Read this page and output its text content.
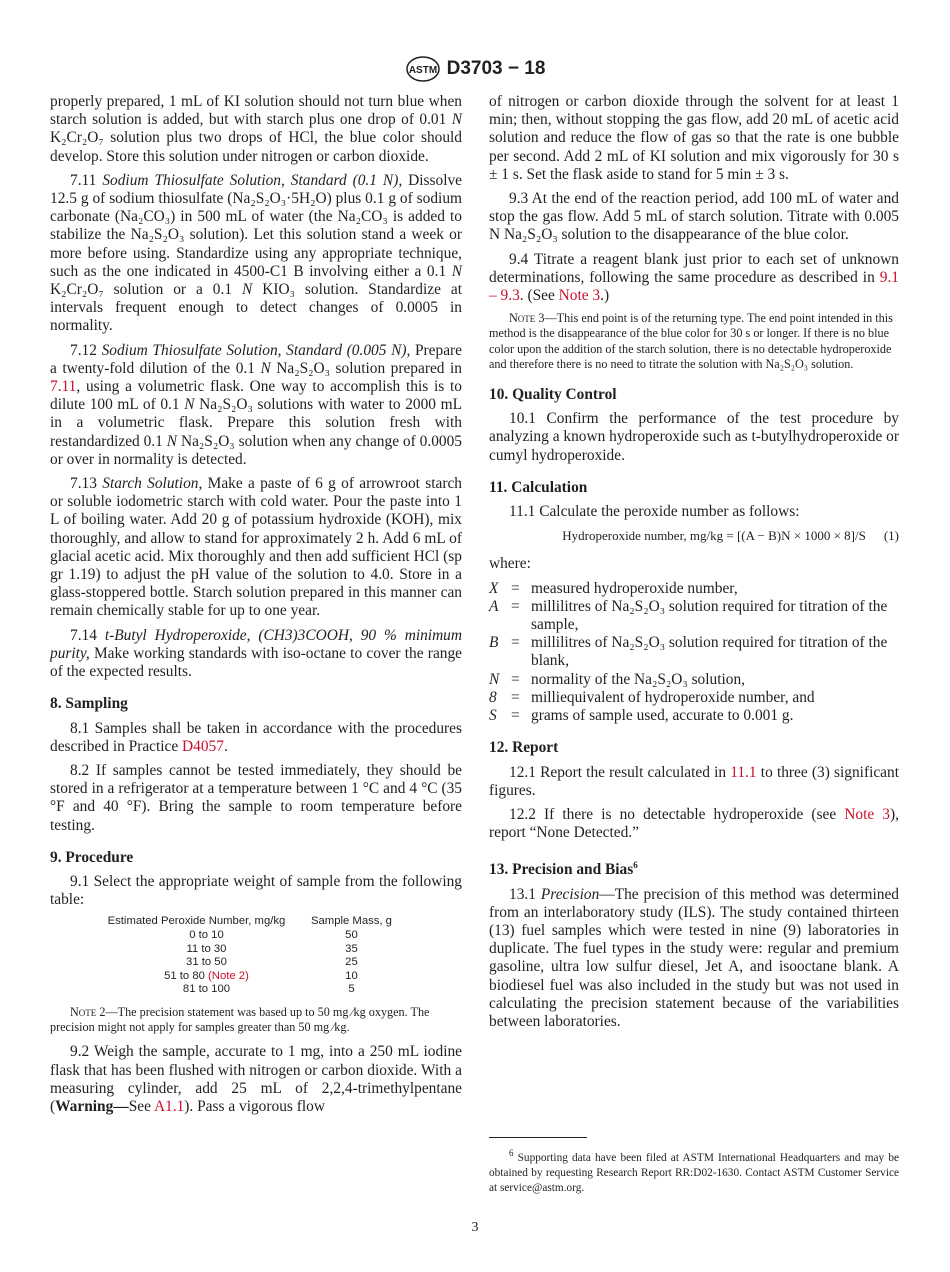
ASTM D3703 − 18

properly prepared, 1 mL of KI solution should not turn blue when starch solution is added, but with starch plus one drop of 0.01 N K₂Cr₂O₇ solution plus two drops of HCl, the blue color should develop. Store this solution under nitrogen or carbon dioxide.

7.11 Sodium Thiosulfate Solution, Standard (0.1 N), Dissolve 12.5 g of sodium thiosulfate (Na₂S₂O₃·5H₂O) plus 0.1 g of sodium carbonate (Na₂CO₃) in 500 mL of water (the Na₂CO₃ is added to stabilize the Na₂S₂O₃ solution). Let this solution stand a week or more before using. Standardize using any appropriate technique, such as the one indicated in 4500-C1 B involving either a 0.1 N K₂Cr₂O₇ solution or a 0.1 N KIO₃ solution. Standardize at intervals frequent enough to detect changes of 0.0005 in normality.

7.12 Sodium Thiosulfate Solution, Standard (0.005 N), Prepare a twenty-fold dilution of the 0.1 N Na₂S₂O₃ solution prepared in 7.11, using a volumetric flask. One way to accomplish this is to dilute 100 mL of 0.1 N Na₂S₂O₃ solutions with water to 2000 mL in a volumetric flask. Prepare this solution fresh with restandardized 0.1 N Na₂S₂O₃ solution when any change of 0.0005 or over in normality is detected.

7.13 Starch Solution, Make a paste of 6 g of arrowroot starch or soluble iodometric starch with cold water. Pour the paste into 1 L of boiling water. Add 20 g of potassium hydroxide (KOH), mix thoroughly, and allow to stand for approximately 2 h. Add 6 mL of glacial acetic acid. Mix thoroughly and then add sufficient HCl (sp gr 1.19) to adjust the pH value of the solution to 4.0. Store in a glass-stoppered bottle. Starch solution prepared in this manner can remain chemically stable for up to one year.

7.14 t-Butyl Hydroperoxide, (CH3)3COOH, 90 % minimum purity, Make working standards with iso-octane to cover the range of the expected results.

8. Sampling

8.1 Samples shall be taken in accordance with the procedures described in Practice D4057.

8.2 If samples cannot be tested immediately, they should be stored in a refrigerator at a temperature between 1 °C and 4 °C (35 °F and 40 °F). Bring the sample to room temperature before testing.

9. Procedure

9.1 Select the appropriate weight of sample from the following table:

Estimated Peroxide Number, mg/kg	Sample Mass, g
0 to 10	50
11 to 30	35
31 to 50	25
51 to 80 (Note 2)	10
81 to 100	5
Note 2—The precision statement was based up to 50 mg ⁄kg oxygen. The precision might not apply for samples greater than 50 mg ⁄kg.

9.2 Weigh the sample, accurate to 1 mg, into a 250 mL iodine flask that has been flushed with nitrogen or carbon dioxide. With a measuring cylinder, add 25 mL of 2,2,4-trimethylpentane (Warning—See A1.1). Pass a vigorous flow

of nitrogen or carbon dioxide through the solvent for at least 1 min; then, without stopping the gas flow, add 20 mL of acetic acid solution and reduce the flow of gas so that the rate is one bubble per second. Add 2 mL of KI solution and mix vigorously for 30 s ± 1 s. Set the flask aside to stand for 5 min ± 3 s.

9.3 At the end of the reaction period, add 100 mL of water and stop the gas flow. Add 5 mL of starch solution. Titrate with 0.005 N Na₂S₂O₃ solution to the disappearance of the blue color.

9.4 Titrate a reagent blank just prior to each set of unknown determinations, following the same procedure as described in 9.1 – 9.3. (See Note 3.)

Note 3—This end point is of the returning type. The end point intended in this method is the disappearance of the blue color for 30 s or longer. If there is no blue color upon the addition of the starch solution, there is no detectable hydroperoxide and therefore there is no need to titrate the solution with Na₂S₂O₃ solution.
10. Quality Control

10.1 Confirm the performance of the test procedure by analyzing a known hydroperoxide such as t-butylhydroperoxide or cumyl hydroperoxide.

11. Calculation

11.1 Calculate the peroxide number as follows:

Hydroperoxide number, mg/kg = [(A − B)N × 1000 × 8]/S (1)

where:

X = measured hydroperoxide number,
A = millilitres of Na₂S₂O₃ solution required for titration of the sample,
B = millilitres of Na₂S₂O₃ solution required for titration of the blank,
N = normality of the Na₂S₂O₃ solution,
8 = milliequivalent of hydroperoxide number, and
S = grams of sample used, accurate to 0.001 g.
12. Report

12.1 Report the result calculated in 11.1 to three (3) significant figures.

12.2 If there is no detectable hydroperoxide (see Note 3), report “None Detected.”

13. Precision and Bias$^6$

13.1 Precision—The precision of this method was determined from an interlaboratory study (ILS). The study contained thirteen (13) fuel samples which were tested in nine (9) laboratories in duplicate. The fuel types in the study were: regular and premium gasoline, ultra low sulfur diesel, Jet A, and isooctane blank. A biodiesel fuel was also included in the study but was not used in calculating the precision statement because of the variabilities between laboratories.

$^6$ Supporting data have been filed at ASTM International Headquarters and may be obtained by requesting Research Report RR:D02-1630. Contact ASTM Customer Service at service@astm.org.
3
